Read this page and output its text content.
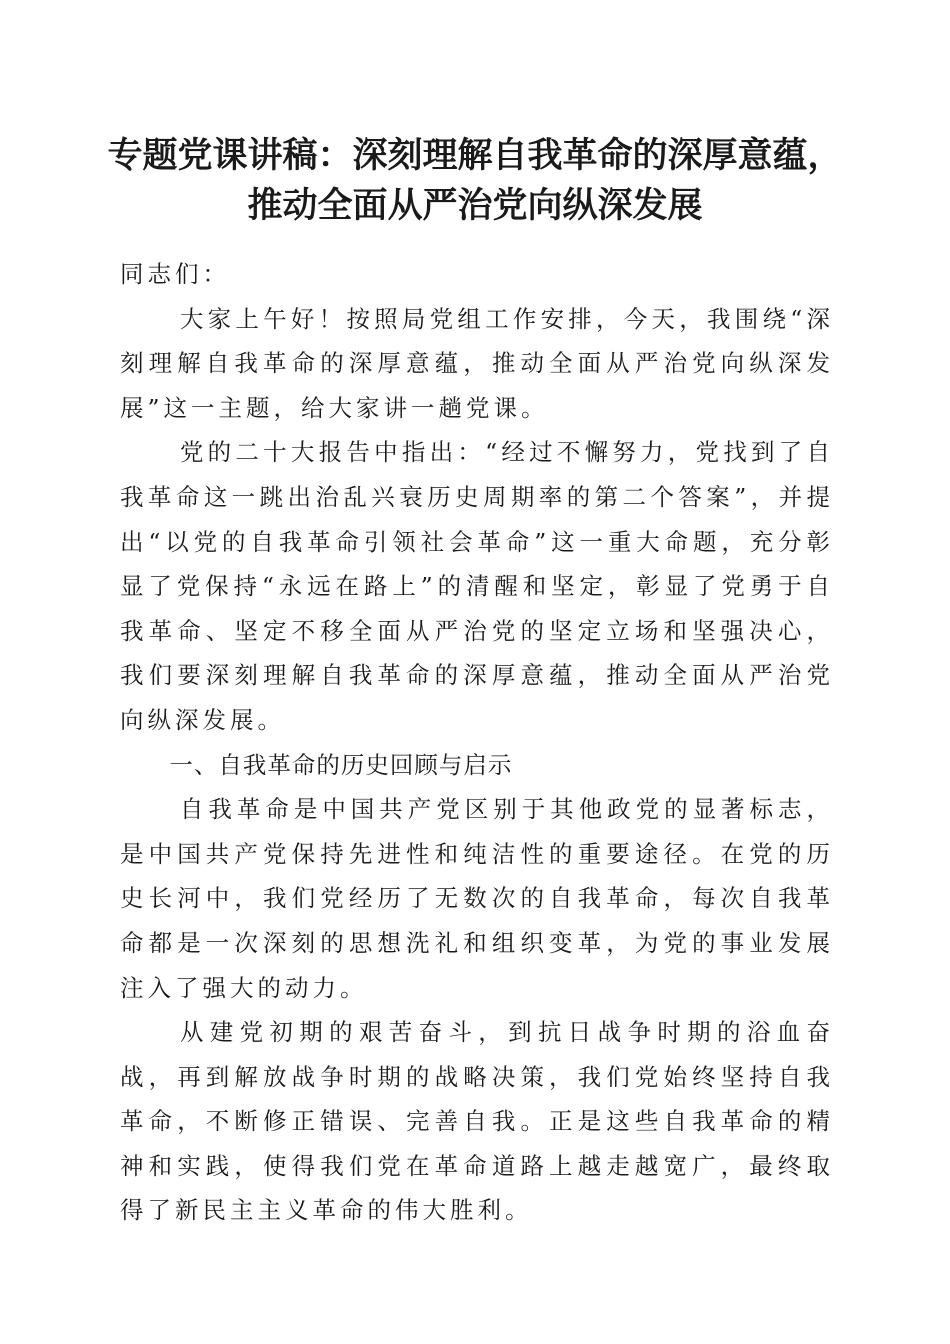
专题党课讲稿：深刻理解自我革命的深厚意蕴，
推动全面从严治党向纵深发展

同志们：

大家上午好！按照局党组工作安排，今天，我围绕“深刻理解自我革命的深厚意蕴，推动全面从严治党向纵深发展”这一主题，给大家讲一趟党课。

党的二十大报告中指出：“经过不懈努力，党找到了自我革命这一跳出治乱兴衰历史周期率的第二个答案”，并提出“以党的自我革命引领社会革命”这一重大命题，充分彰显了党保持“永远在路上”的清醒和坚定，彰显了党勇于自我革命、坚定不移全面从严治党的坚定立场和坚强决心，我们要深刻理解自我革命的深厚意蕴，推动全面从严治党向纵深发展。

一、自我革命的历史回顾与启示

自我革命是中国共产党区别于其他政党的显著标志，是中国共产党保持先进性和纯洁性的重要途径。在党的历史长河中，我们党经历了无数次的自我革命，每次自我革命都是一次深刻的思想洗礼和组织变革，为党的事业发展注入了强大的动力。

从建党初期的艰苦奋斗，到抗日战争时期的浴血奋战，再到解放战争时期的战略决策，我们党始终坚持自我革命，不断修正错误、完善自我。正是这些自我革命的精神和实践，使得我们党在革命道路上越走越宽广，最终取得了新民主主义革命的伟大胜利。
